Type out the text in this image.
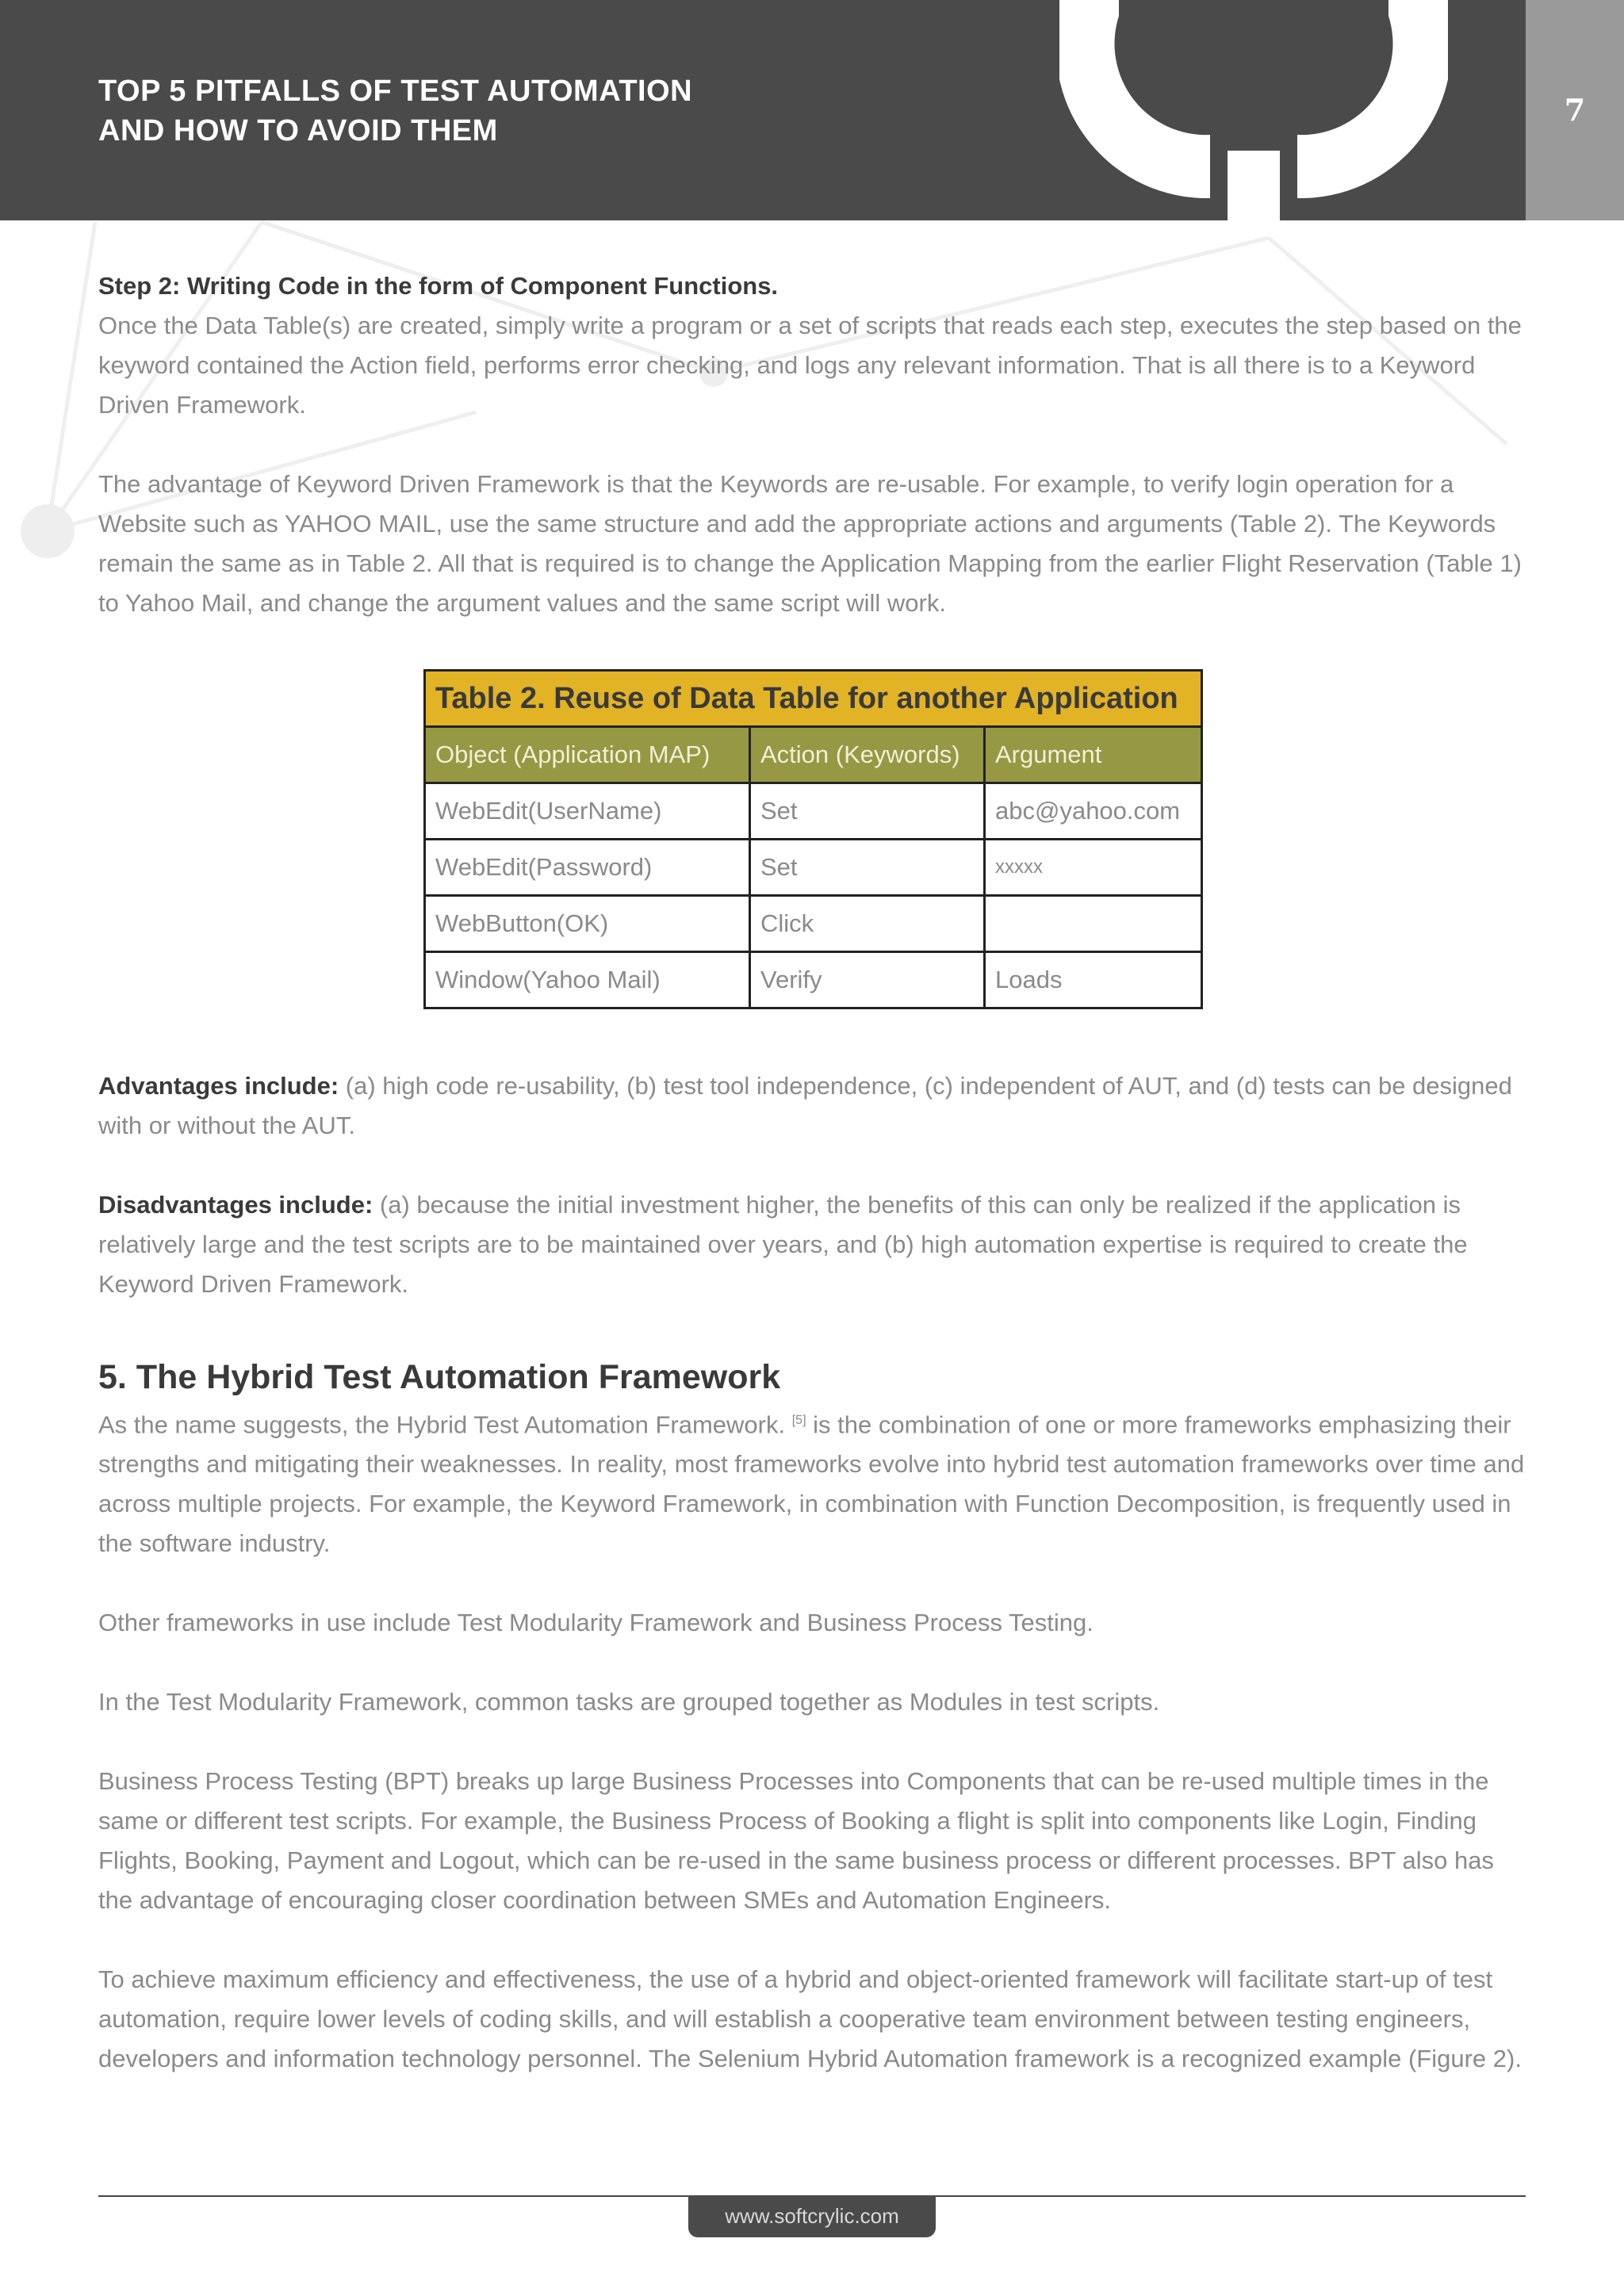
TOP 5 PITFALLS OF TEST AUTOMATION
AND HOW TO AVOID THEM
7

Step 2: Writing Code in the form of Component Functions.

Once the Data Table(s) are created, simply write a program or a set of scripts that reads each step, executes the step based on the keyword contained the Action field, performs error checking, and logs any relevant information. That is all there is to a Keyword Driven Framework.

The advantage of Keyword Driven Framework is that the Keywords are re-usable. For example, to verify login operation for a Website such as YAHOO MAIL, use the same structure and add the appropriate actions and arguments (Table 2). The Keywords remain the same as in Table 2. All that is required is to change the Application Mapping from the earlier Flight Reservation (Table 1) to Yahoo Mail, and change the argument values and the same script will work.

Table 2. Reuse of Data Table for another Application		
Object (Application MAP)	Action (Keywords)	Argument
WebEdit(UserName)	Set	abc@yahoo.com
WebEdit(Password)	Set	xxxxx
WebButton(OK)	Click	
Window(Yahoo Mail)	Verify	Loads

Advantages include: (a) high code re-usability, (b) test tool independence, (c) independent of AUT, and (d) tests can be designed with or without the AUT.

Disadvantages include: (a) because the initial investment higher, the benefits of this can only be realized if the application is relatively large and the test scripts are to be maintained over years, and (b) high automation expertise is required to create the Keyword Driven Framework.

5. The Hybrid Test Automation Framework

As the name suggests, the Hybrid Test Automation Framework. [5] is the combination of one or more frameworks emphasizing their strengths and mitigating their weaknesses. In reality, most frameworks evolve into hybrid test automation frameworks over time and across multiple projects. For example, the Keyword Framework, in combination with Function Decomposition, is frequently used in the software industry.

Other frameworks in use include Test Modularity Framework and Business Process Testing.

In the Test Modularity Framework, common tasks are grouped together as Modules in test scripts.

Business Process Testing (BPT) breaks up large Business Processes into Components that can be re-used multiple times in the same or different test scripts. For example, the Business Process of Booking a flight is split into components like Login, Finding Flights, Booking, Payment and Logout, which can be re-used in the same business process or different processes. BPT also has the advantage of encouraging closer coordination between SMEs and Automation Engineers.

To achieve maximum efficiency and effectiveness, the use of a hybrid and object-oriented framework will facilitate start-up of test automation, require lower levels of coding skills, and will establish a cooperative team environment between testing engineers, developers and information technology personnel. The Selenium Hybrid Automation framework is a recognized example (Figure 2).

www.softcrylic.com
